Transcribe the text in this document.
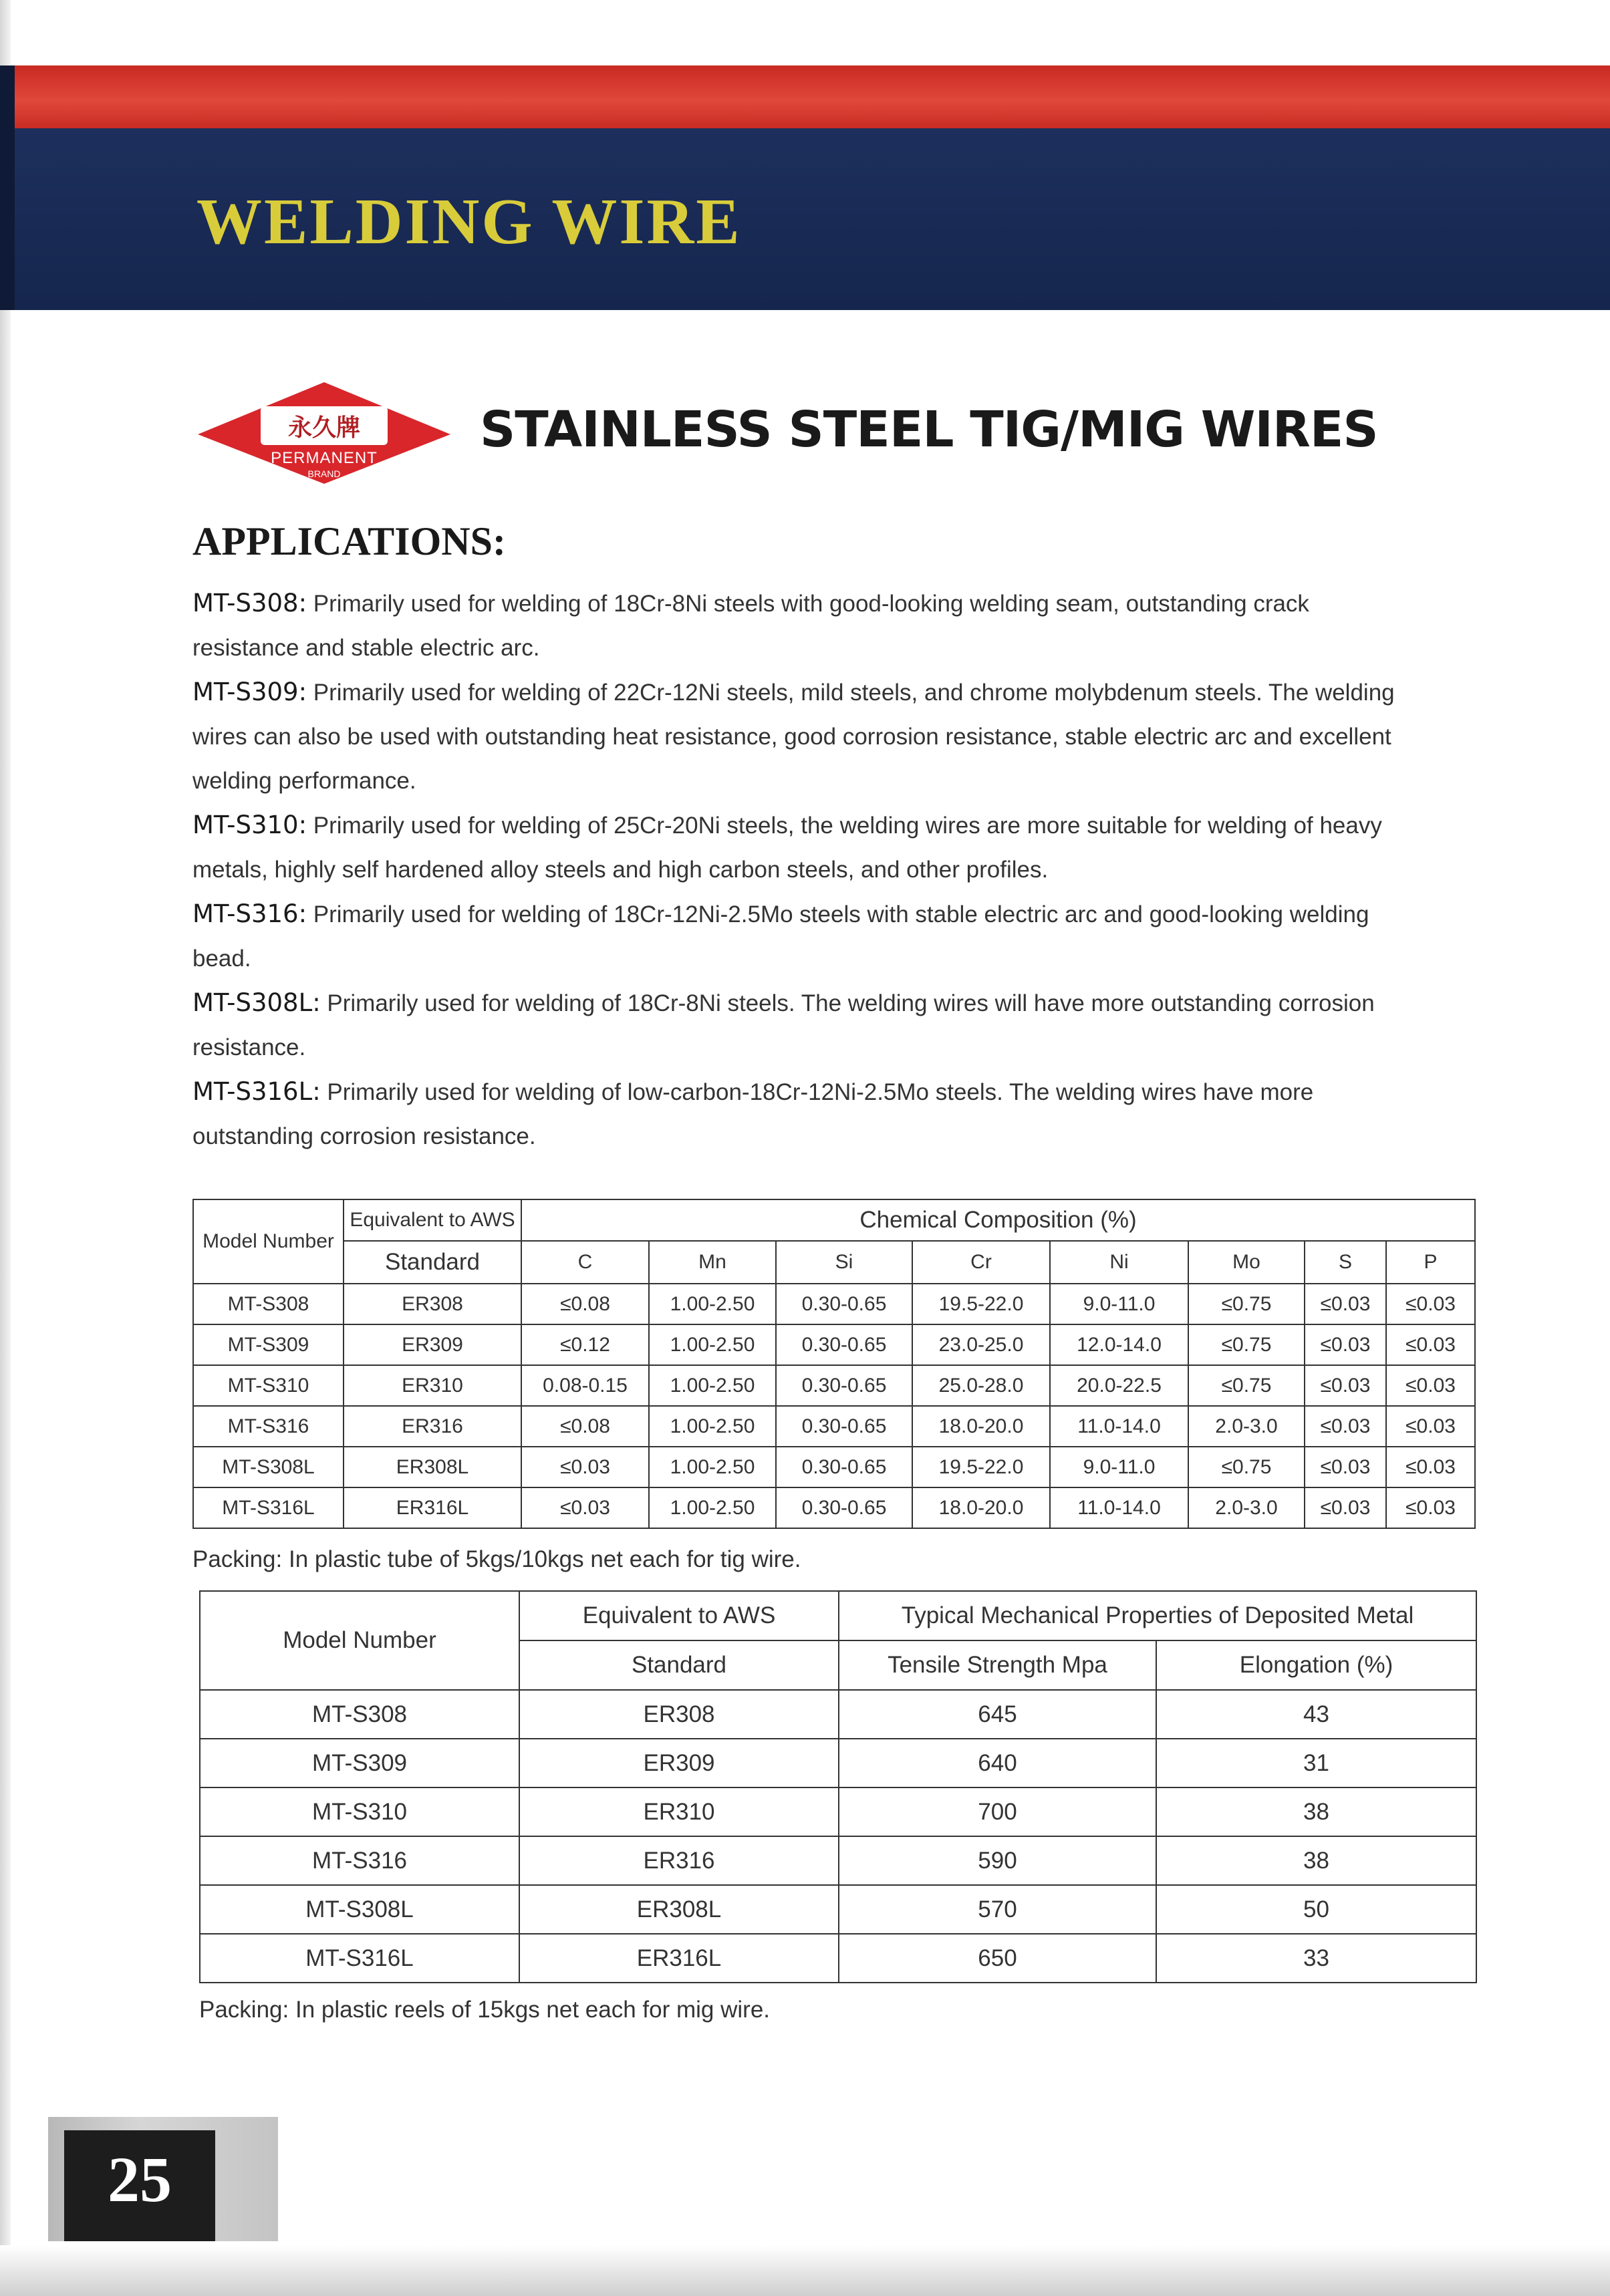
WELDING WIRE
永久牌
PERMANENT
BRAND
STAINLESS STEEL TIG/MIG WIRES
APPLICATIONS:

MT-S308: Primarily used for welding of 18Cr-8Ni steels with good-looking welding seam, outstanding crack resistance and stable electric arc.

MT-S309: Primarily used for welding of 22Cr-12Ni steels, mild steels, and chrome molybdenum steels. The welding wires can also be used with outstanding heat resistance, good corrosion resistance, stable electric arc and excellent welding performance.

MT-S310: Primarily used for welding of 25Cr-20Ni steels, the welding wires are more suitable for welding of heavy metals, highly self hardened alloy steels and high carbon steels, and other profiles.

MT-S316: Primarily used for welding of 18Cr-12Ni-2.5Mo steels with stable electric arc and good-looking welding bead.

MT-S308L: Primarily used for welding of 18Cr-8Ni steels. The welding wires will have more outstanding corrosion resistance.

MT-S316L: Primarily used for welding of low-carbon-18Cr-12Ni-2.5Mo steels. The welding wires have more outstanding corrosion resistance.

Model Number	Equivalent to AWS	Chemical Composition (%)							
	Standard	C	Mn	Si	Cr	Ni	Mo	S	P
MT-S308	ER308	≤0.08	1.00-2.50	0.30-0.65	19.5-22.0	9.0-11.0	≤0.75	≤0.03	≤0.03
MT-S309	ER309	≤0.12	1.00-2.50	0.30-0.65	23.0-25.0	12.0-14.0	≤0.75	≤0.03	≤0.03
MT-S310	ER310	0.08-0.15	1.00-2.50	0.30-0.65	25.0-28.0	20.0-22.5	≤0.75	≤0.03	≤0.03
MT-S316	ER316	≤0.08	1.00-2.50	0.30-0.65	18.0-20.0	11.0-14.0	2.0-3.0	≤0.03	≤0.03
MT-S308L	ER308L	≤0.03	1.00-2.50	0.30-0.65	19.5-22.0	9.0-11.0	≤0.75	≤0.03	≤0.03
MT-S316L	ER316L	≤0.03	1.00-2.50	0.30-0.65	18.0-20.0	11.0-14.0	2.0-3.0	≤0.03	≤0.03

Packing: In plastic tube of 5kgs/10kgs net each for tig wire.

Model Number	Equivalent to AWS	Typical Mechanical Properties of Deposited Metal	
	Standard	Tensile Strength Mpa	Elongation (%)
MT-S308	ER308	645	43
MT-S309	ER309	640	31
MT-S310	ER310	700	38
MT-S316	ER316	590	38
MT-S308L	ER308L	570	50
MT-S316L	ER316L	650	33

Packing: In plastic reels of 15kgs net each for mig wire.

25
